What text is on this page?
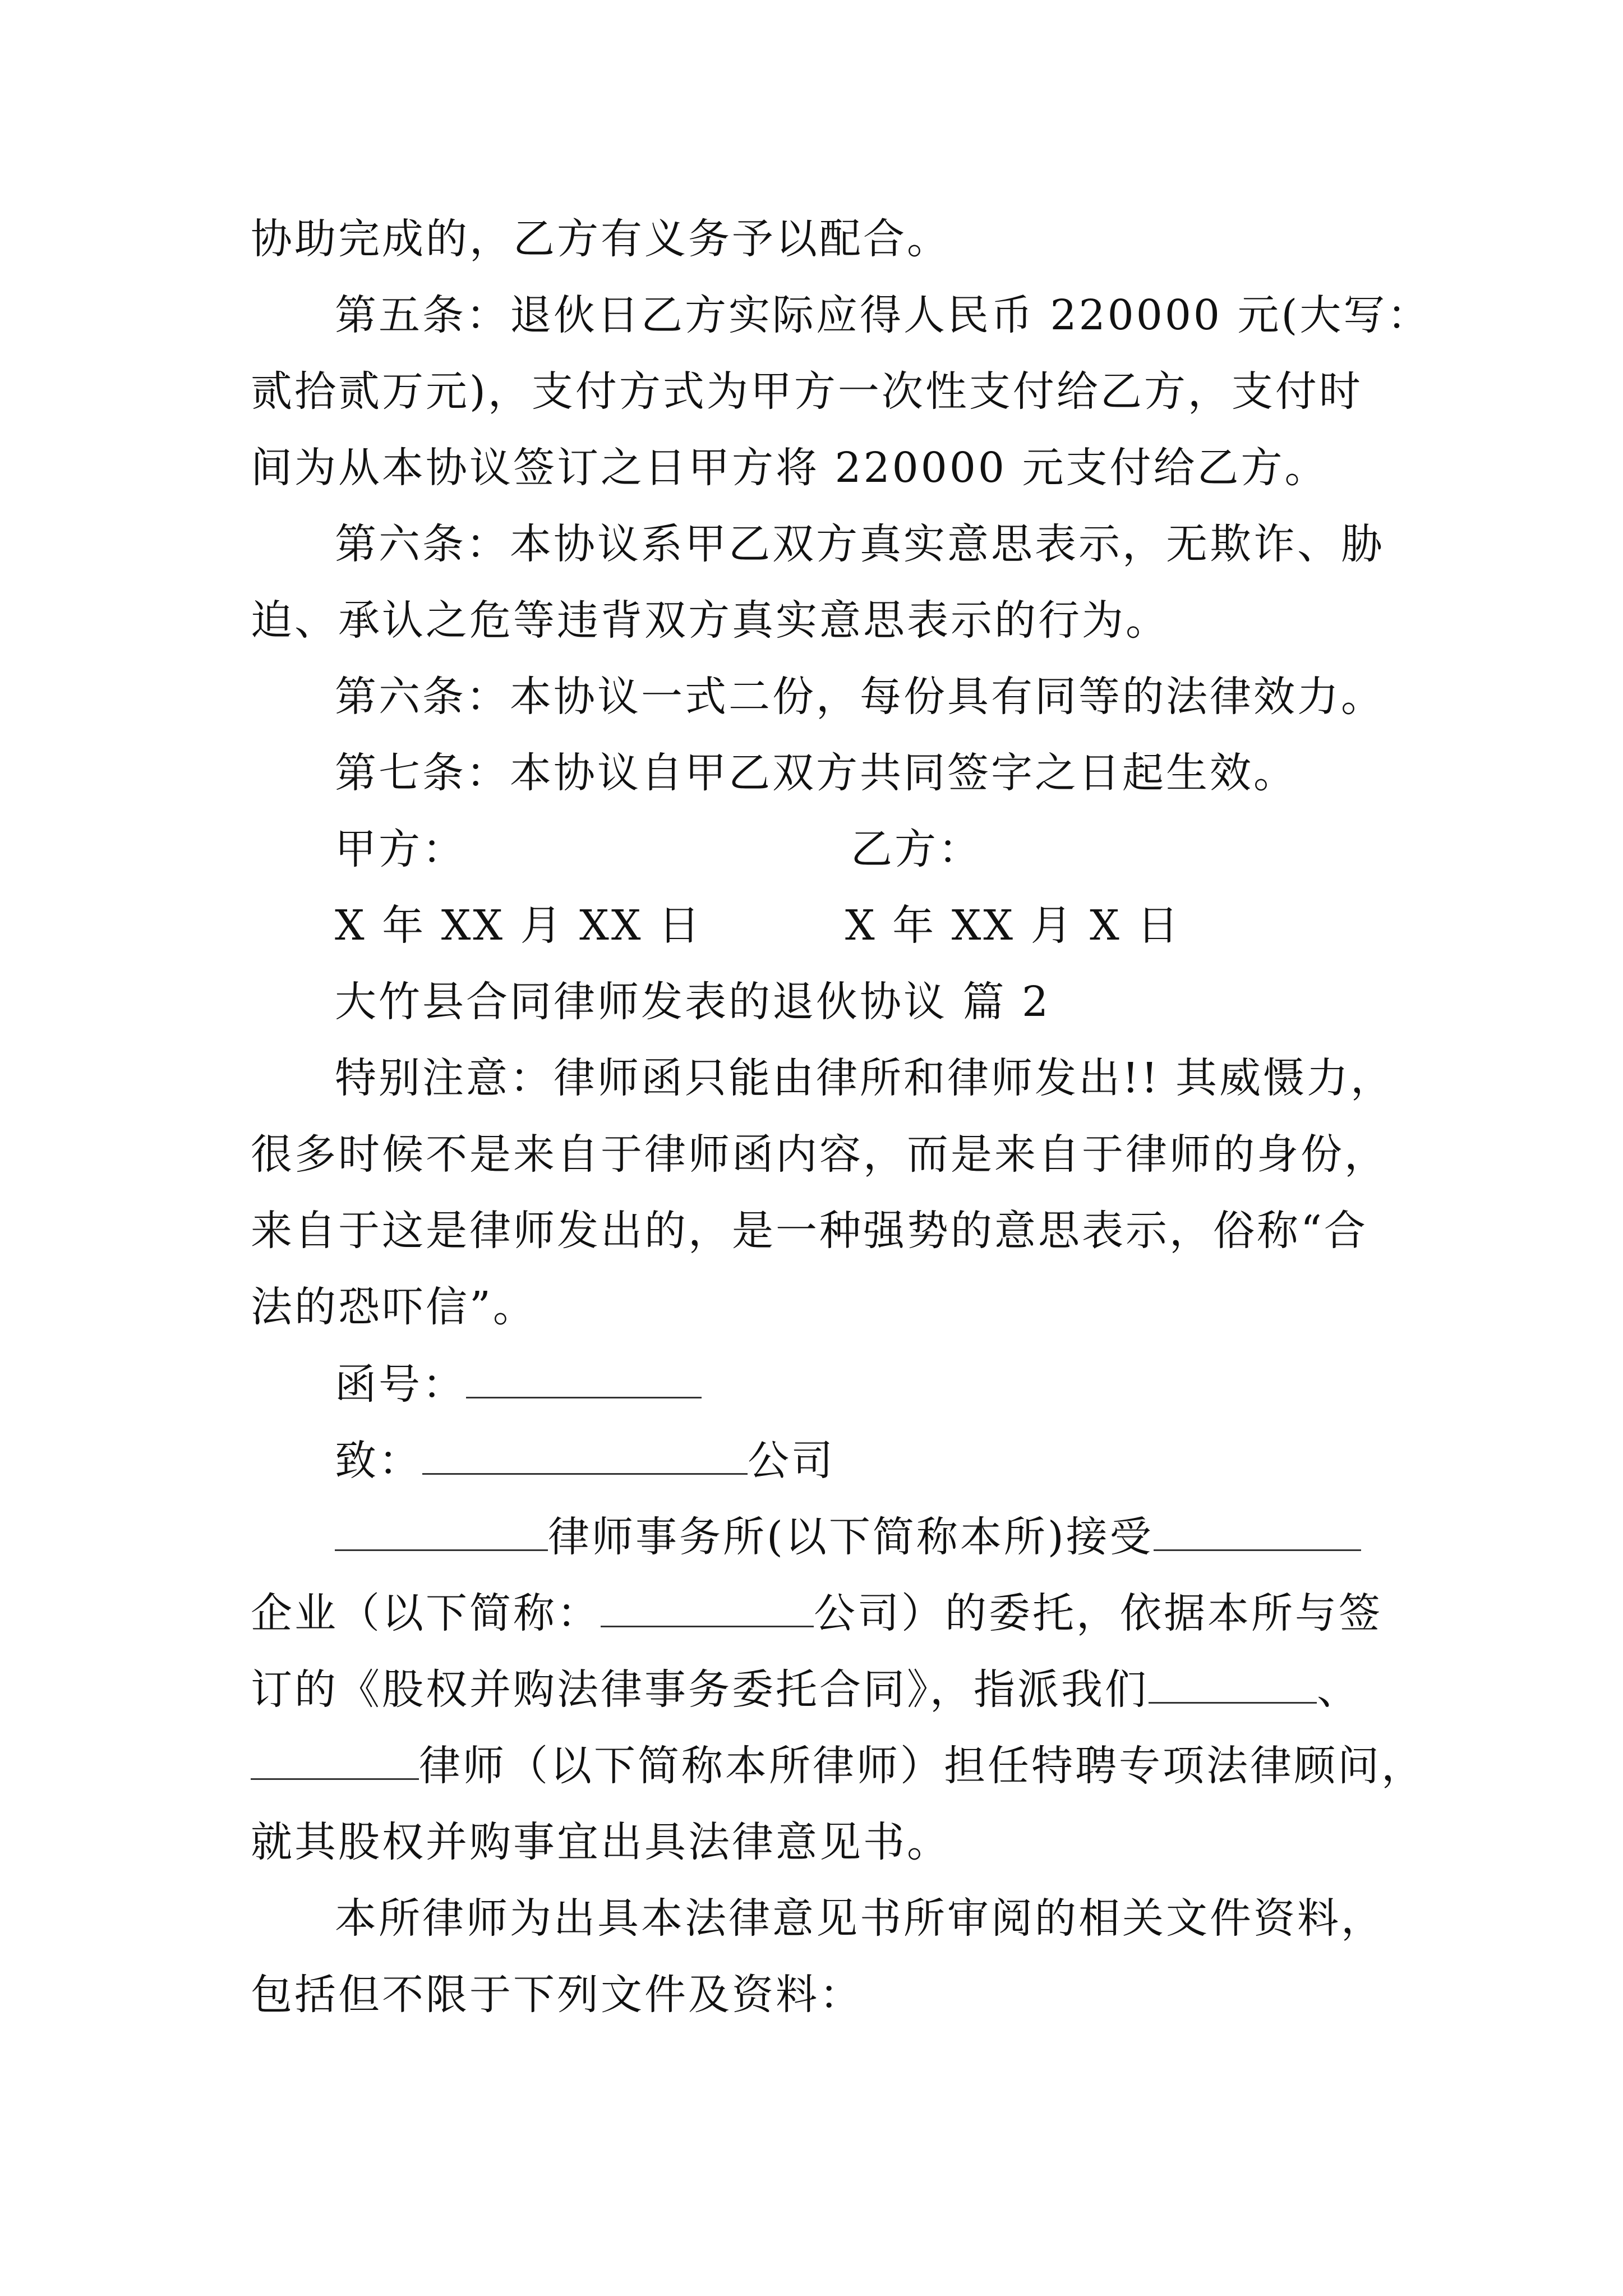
协助完成的，乙方有义务予以配合。
第五条：退伙日乙方实际应得人民币 220000 元(大写：
贰拾贰万元)，支付方式为甲方一次性支付给乙方，支付时
间为从本协议签订之日甲方将 220000 元支付给乙方。
第六条：本协议系甲乙双方真实意思表示，无欺诈、胁
迫、承认之危等违背双方真实意思表示的行为。
第六条：本协议一式二份，每份具有同等的法律效力。
第七条：本协议自甲乙双方共同签字之日起生效。
甲方：	乙方：
X 年 XX 月 XX 日	X 年 XX 月 X 日
大竹县合同律师发表的退伙协议 篇 2
特别注意：律师函只能由律所和律师发出!! 其威慑力，
很多时候不是来自于律师函内容，而是来自于律师的身份，
来自于这是律师发出的，是一种强势的意思表示，俗称“合
法的恐吓信”。
函号：
致：	公司
律师事务所(以下简称本所)接受
企业（以下简称：	公司）的委托，依据本所与签
订的《股权并购法律事务委托合同》，指派我们	、
律师（以下简称本所律师）担任特聘专项法律顾问，
就其股权并购事宜出具法律意见书。
本所律师为出具本法律意见书所审阅的相关文件资料，
包括但不限于下列文件及资料：
